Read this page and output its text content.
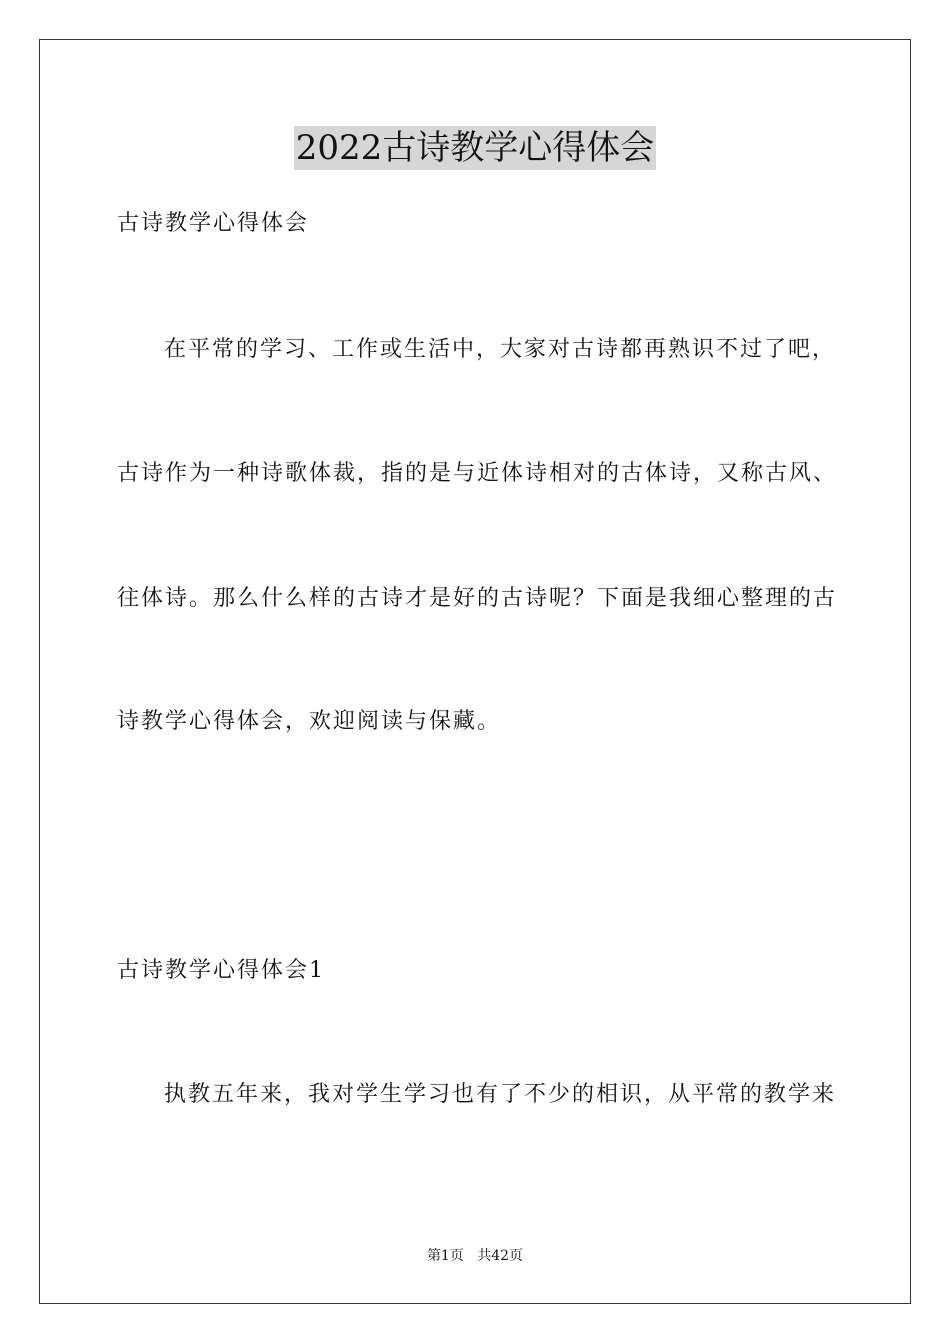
2022古诗教学心得体会
古诗教学心得体会
在平常的学习、工作或生活中，大家对古诗都再熟识不过了吧，
古诗作为一种诗歌体裁，指的是与近体诗相对的古体诗，又称古风、
往体诗。那么什么样的古诗才是好的古诗呢？下面是我细心整理的古
诗教学心得体会，欢迎阅读与保藏。
古诗教学心得体会1
执教五年来，我对学生学习也有了不少的相识，从平常的教学来
第1页 共42页
